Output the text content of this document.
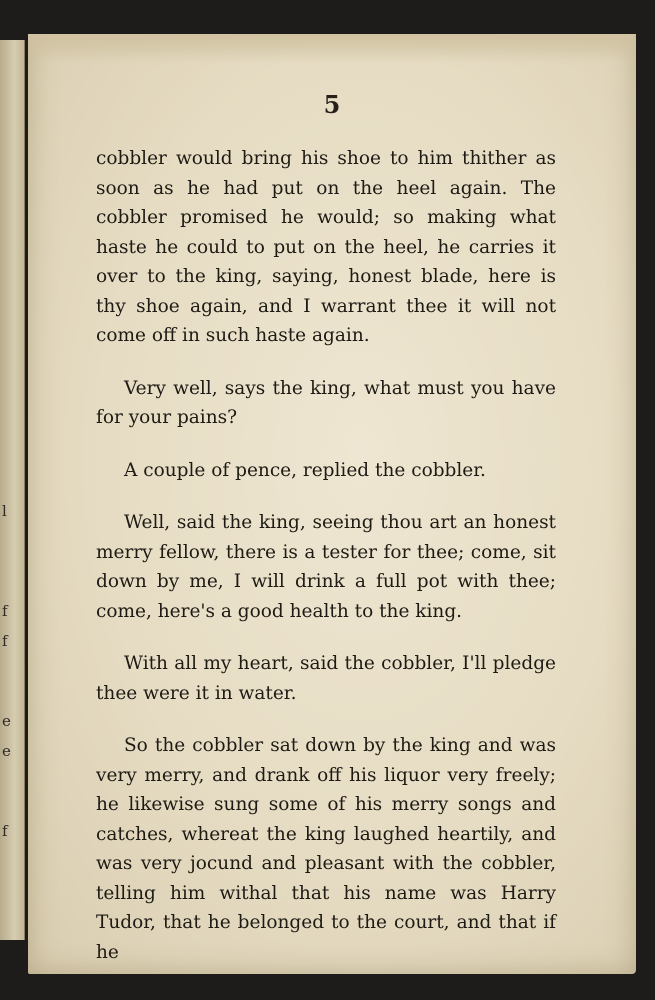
l
f
f
e
e
f
5

cobbler would bring his shoe to him thither as soon as he had put on the heel again. The cobbler promised he would; so making what haste he could to put on the heel, he carries it over to the king, saying, honest blade, here is thy shoe again, and I warrant thee it will not come off in such haste again.

Very well, says the king, what must you have for your pains?

A couple of pence, replied the cobbler.

Well, said the king, seeing thou art an honest merry fellow, there is a tester for thee; come, sit down by me, I will drink a full pot with thee; come, here's a good health to the king.

With all my heart, said the cobbler, I'll pledge thee were it in water.

So the cobbler sat down by the king and was very merry, and drank off his liquor very freely; he likewise sung some of his merry songs and catches, whereat the king laughed heartily, and was very jocund and pleasant with the cobbler, telling him withal that his name was Harry Tudor, that he belonged to the court, and that if he
